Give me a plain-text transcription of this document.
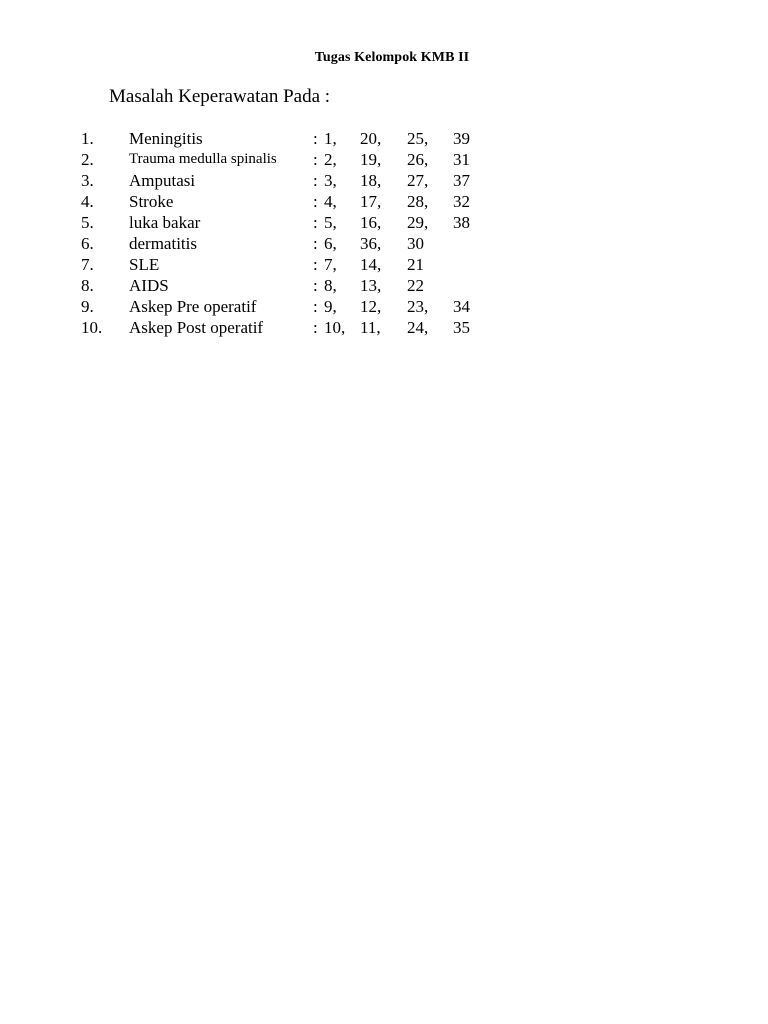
Tugas Kelompok KMB II
Masalah Keperawatan Pada :
1. Meningitis	: 1, 20, 25, 39
2. Trauma medulla spinalis : 2, 19, 26, 31
3. Amputasi	: 3, 18, 27, 37
4. Stroke	: 4, 17, 28, 32
5. luka bakar	: 5, 16, 29, 38
6. dermatitis	: 6, 36, 30
7. SLE	: 7, 14, 21
8. AIDS	: 8, 13, 22
9. Askep Pre operatif	: 9, 12, 23, 34
10. Askep Post operatif	: 10, 11, 24, 35
